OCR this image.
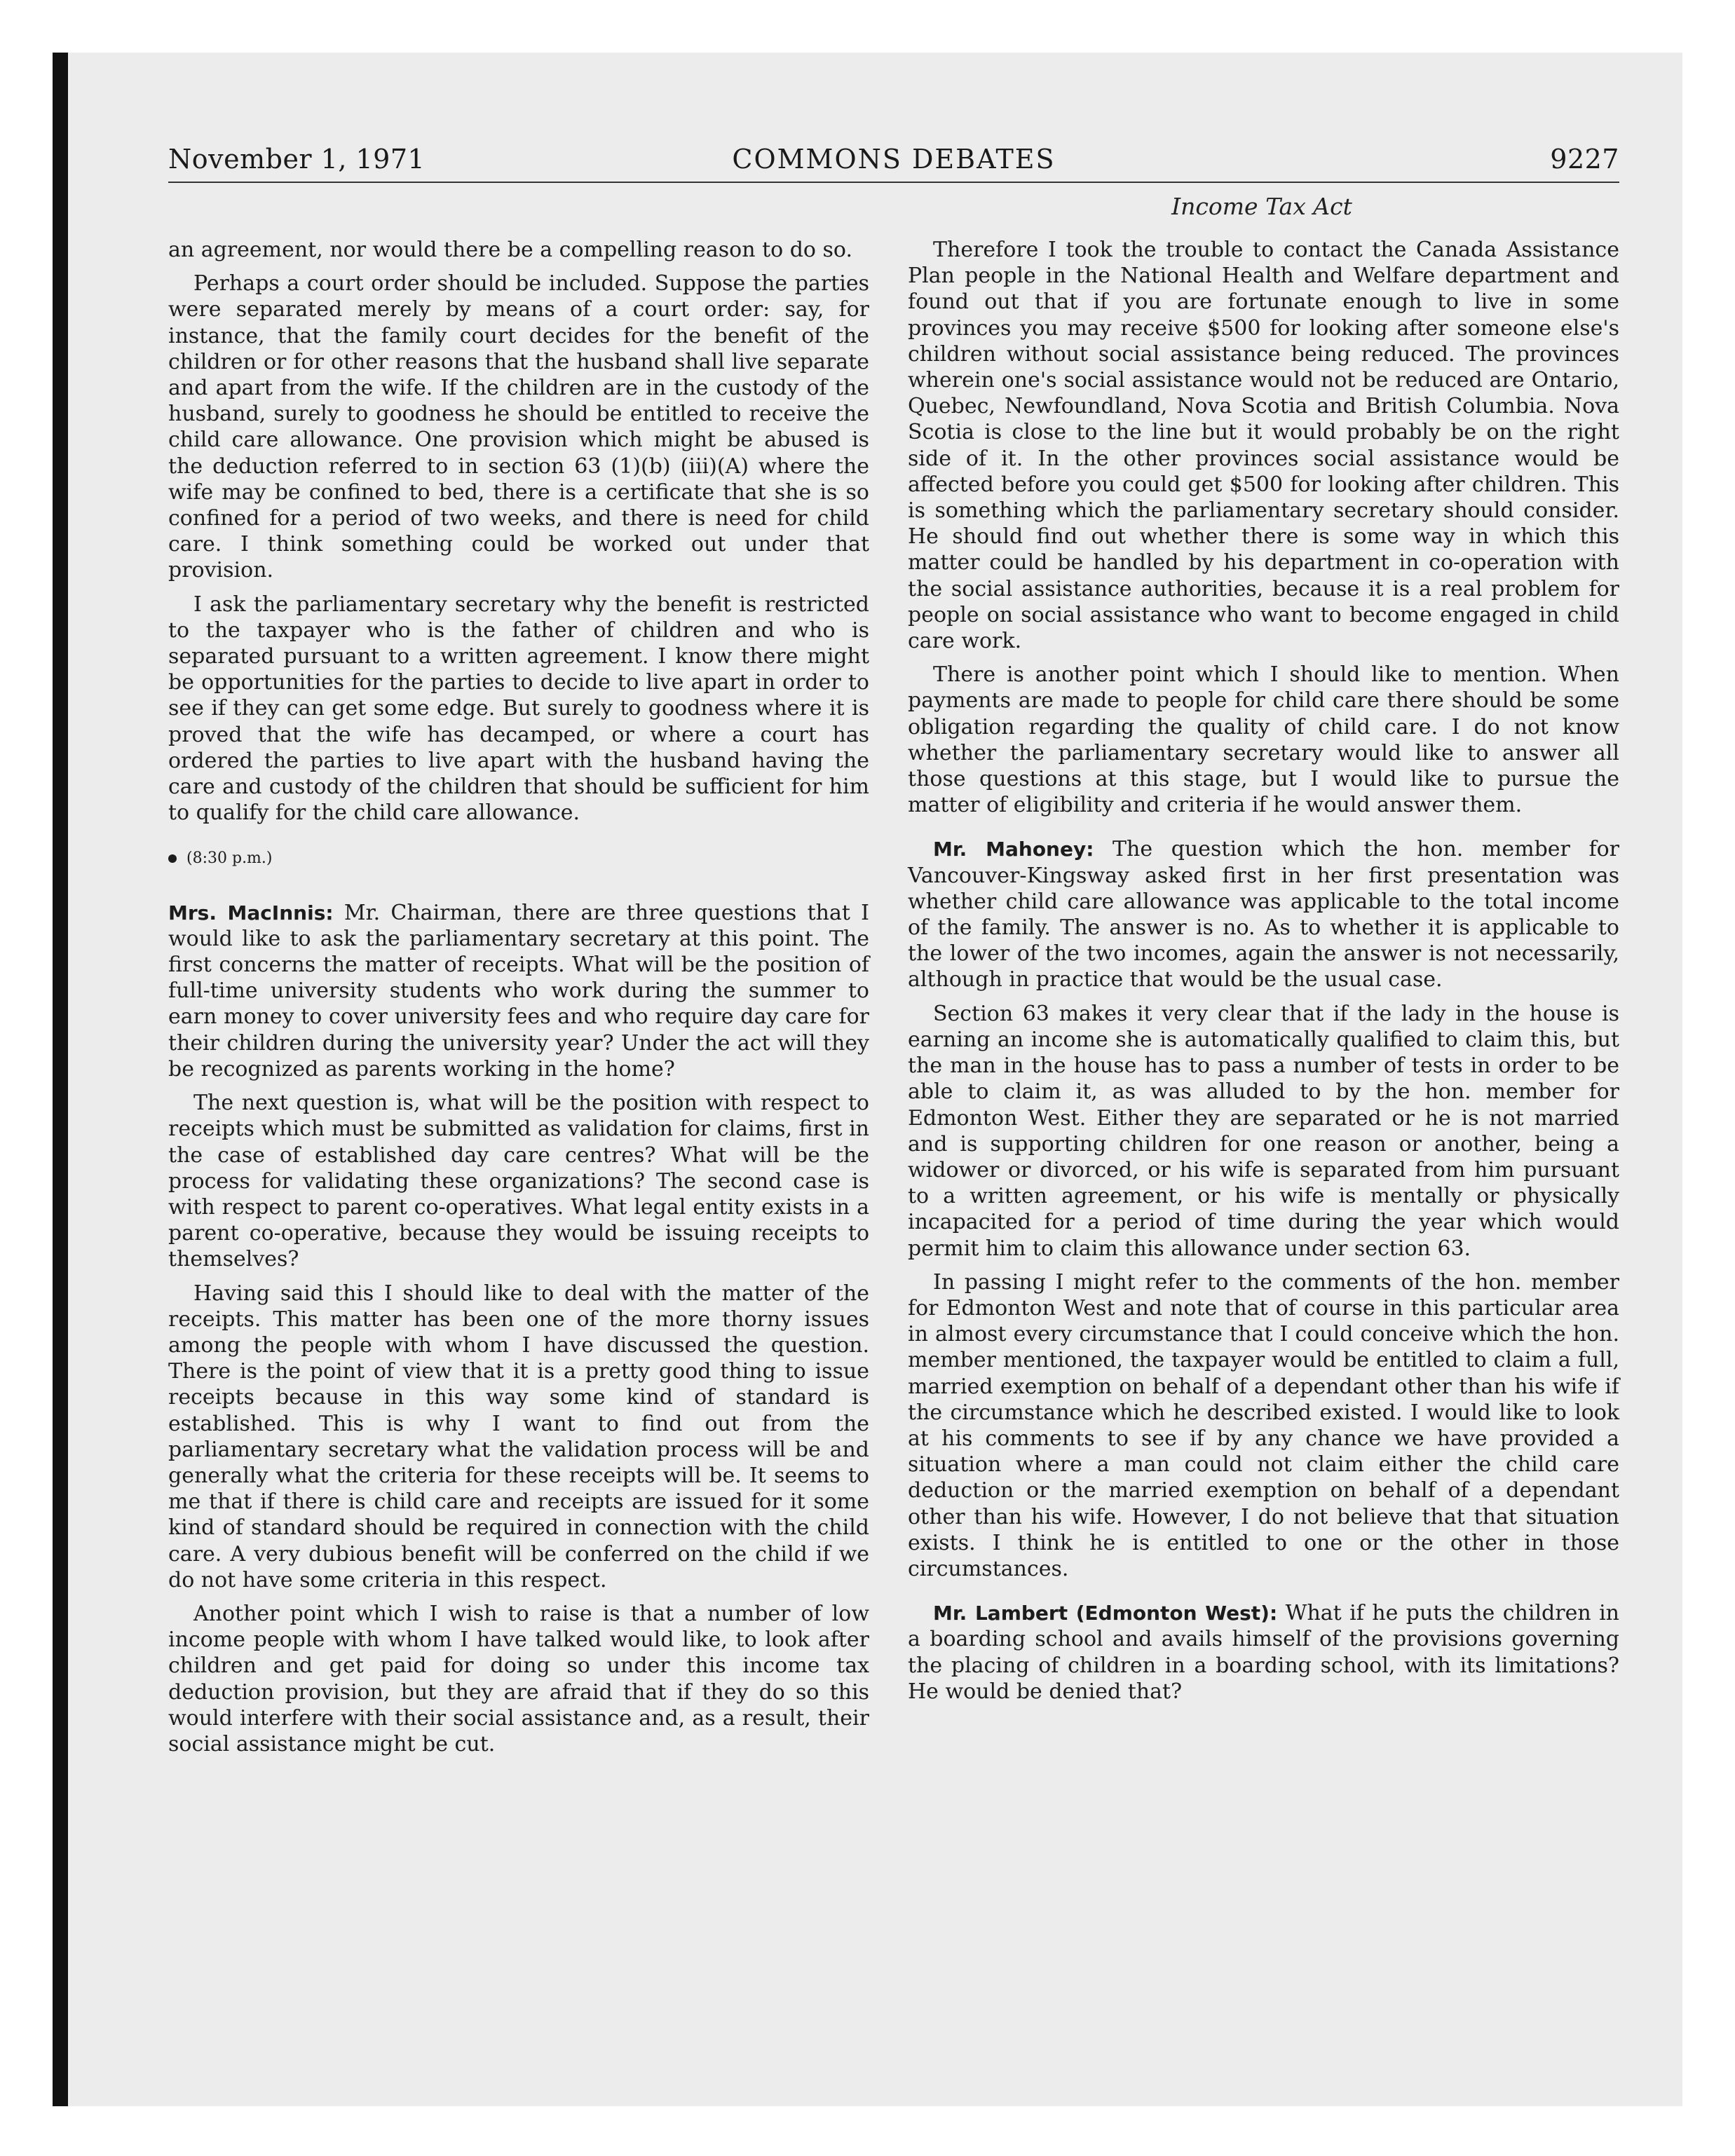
November 1, 1971	COMMONS DEBATES	9227
Income Tax Act

an agreement, nor would there be a compelling reason to do so.

Perhaps a court order should be included. Suppose the parties were separated merely by means of a court order: say, for instance, that the family court decides for the benefit of the children or for other reasons that the husband shall live separate and apart from the wife. If the children are in the custody of the husband, surely to goodness he should be entitled to receive the child care allowance. One provision which might be abused is the deduction referred to in section 63 (1)(b) (iii)(A) where the wife may be confined to bed, there is a certificate that she is so confined for a period of two weeks, and there is need for child care. I think something could be worked out under that provision.

I ask the parliamentary secretary why the benefit is restricted to the taxpayer who is the father of children and who is separated pursuant to a written agreement. I know there might be opportunities for the parties to decide to live apart in order to see if they can get some edge. But surely to goodness where it is proved that the wife has decamped, or where a court has ordered the parties to live apart with the husband having the care and custody of the children that should be sufficient for him to qualify for the child care allowance.

(8:30 p.m.)

Mrs. MacInnis: Mr. Chairman, there are three questions that I would like to ask the parliamentary secretary at this point. The first concerns the matter of receipts. What will be the position of full-time university students who work during the summer to earn money to cover university fees and who require day care for their children during the university year? Under the act will they be recognized as parents working in the home?

The next question is, what will be the position with respect to receipts which must be submitted as validation for claims, first in the case of established day care centres? What will be the process for validating these organizations? The second case is with respect to parent co-operatives. What legal entity exists in a parent co-operative, because they would be issuing receipts to themselves?

Having said this I should like to deal with the matter of the receipts. This matter has been one of the more thorny issues among the people with whom I have discussed the question. There is the point of view that it is a pretty good thing to issue receipts because in this way some kind of standard is established. This is why I want to find out from the parliamentary secretary what the validation process will be and generally what the criteria for these receipts will be. It seems to me that if there is child care and receipts are issued for it some kind of standard should be required in connection with the child care. A very dubious benefit will be conferred on the child if we do not have some criteria in this respect.

Another point which I wish to raise is that a number of low income people with whom I have talked would like, to look after children and get paid for doing so under this income tax deduction provision, but they are afraid that if they do so this would interfere with their social assistance and, as a result, their social assistance might be cut.

Therefore I took the trouble to contact the Canada Assistance Plan people in the National Health and Welfare department and found out that if you are fortunate enough to live in some provinces you may receive $500 for looking after someone else's children without social assistance being reduced. The provinces wherein one's social assistance would not be reduced are Ontario, Quebec, Newfoundland, Nova Scotia and British Columbia. Nova Scotia is close to the line but it would probably be on the right side of it. In the other provinces social assistance would be affected before you could get $500 for looking after children. This is something which the parliamentary secretary should consider. He should find out whether there is some way in which this matter could be handled by his department in co-operation with the social assistance authorities, because it is a real problem for people on social assistance who want to become engaged in child care work.

There is another point which I should like to mention. When payments are made to people for child care there should be some obligation regarding the quality of child care. I do not know whether the parliamentary secretary would like to answer all those questions at this stage, but I would like to pursue the matter of eligibility and criteria if he would answer them.

Mr. Mahoney: The question which the hon. member for Vancouver-Kingsway asked first in her first presentation was whether child care allowance was applicable to the total income of the family. The answer is no. As to whether it is applicable to the lower of the two incomes, again the answer is not necessarily, although in practice that would be the usual case.

Section 63 makes it very clear that if the lady in the house is earning an income she is automatically qualified to claim this, but the man in the house has to pass a number of tests in order to be able to claim it, as was alluded to by the hon. member for Edmonton West. Either they are separated or he is not married and is supporting children for one reason or another, being a widower or divorced, or his wife is separated from him pursuant to a written agreement, or his wife is mentally or physically incapacited for a period of time during the year which would permit him to claim this allowance under section 63.

In passing I might refer to the comments of the hon. member for Edmonton West and note that of course in this particular area in almost every circumstance that I could conceive which the hon. member mentioned, the taxpayer would be entitled to claim a full, married exemption on behalf of a dependant other than his wife if the circumstance which he described existed. I would like to look at his comments to see if by any chance we have provided a situation where a man could not claim either the child care deduction or the married exemption on behalf of a dependant other than his wife. However, I do not believe that that situation exists. I think he is entitled to one or the other in those circumstances.

Mr. Lambert (Edmonton West): What if he puts the children in a boarding school and avails himself of the provisions governing the placing of children in a boarding school, with its limitations? He would be denied that?
